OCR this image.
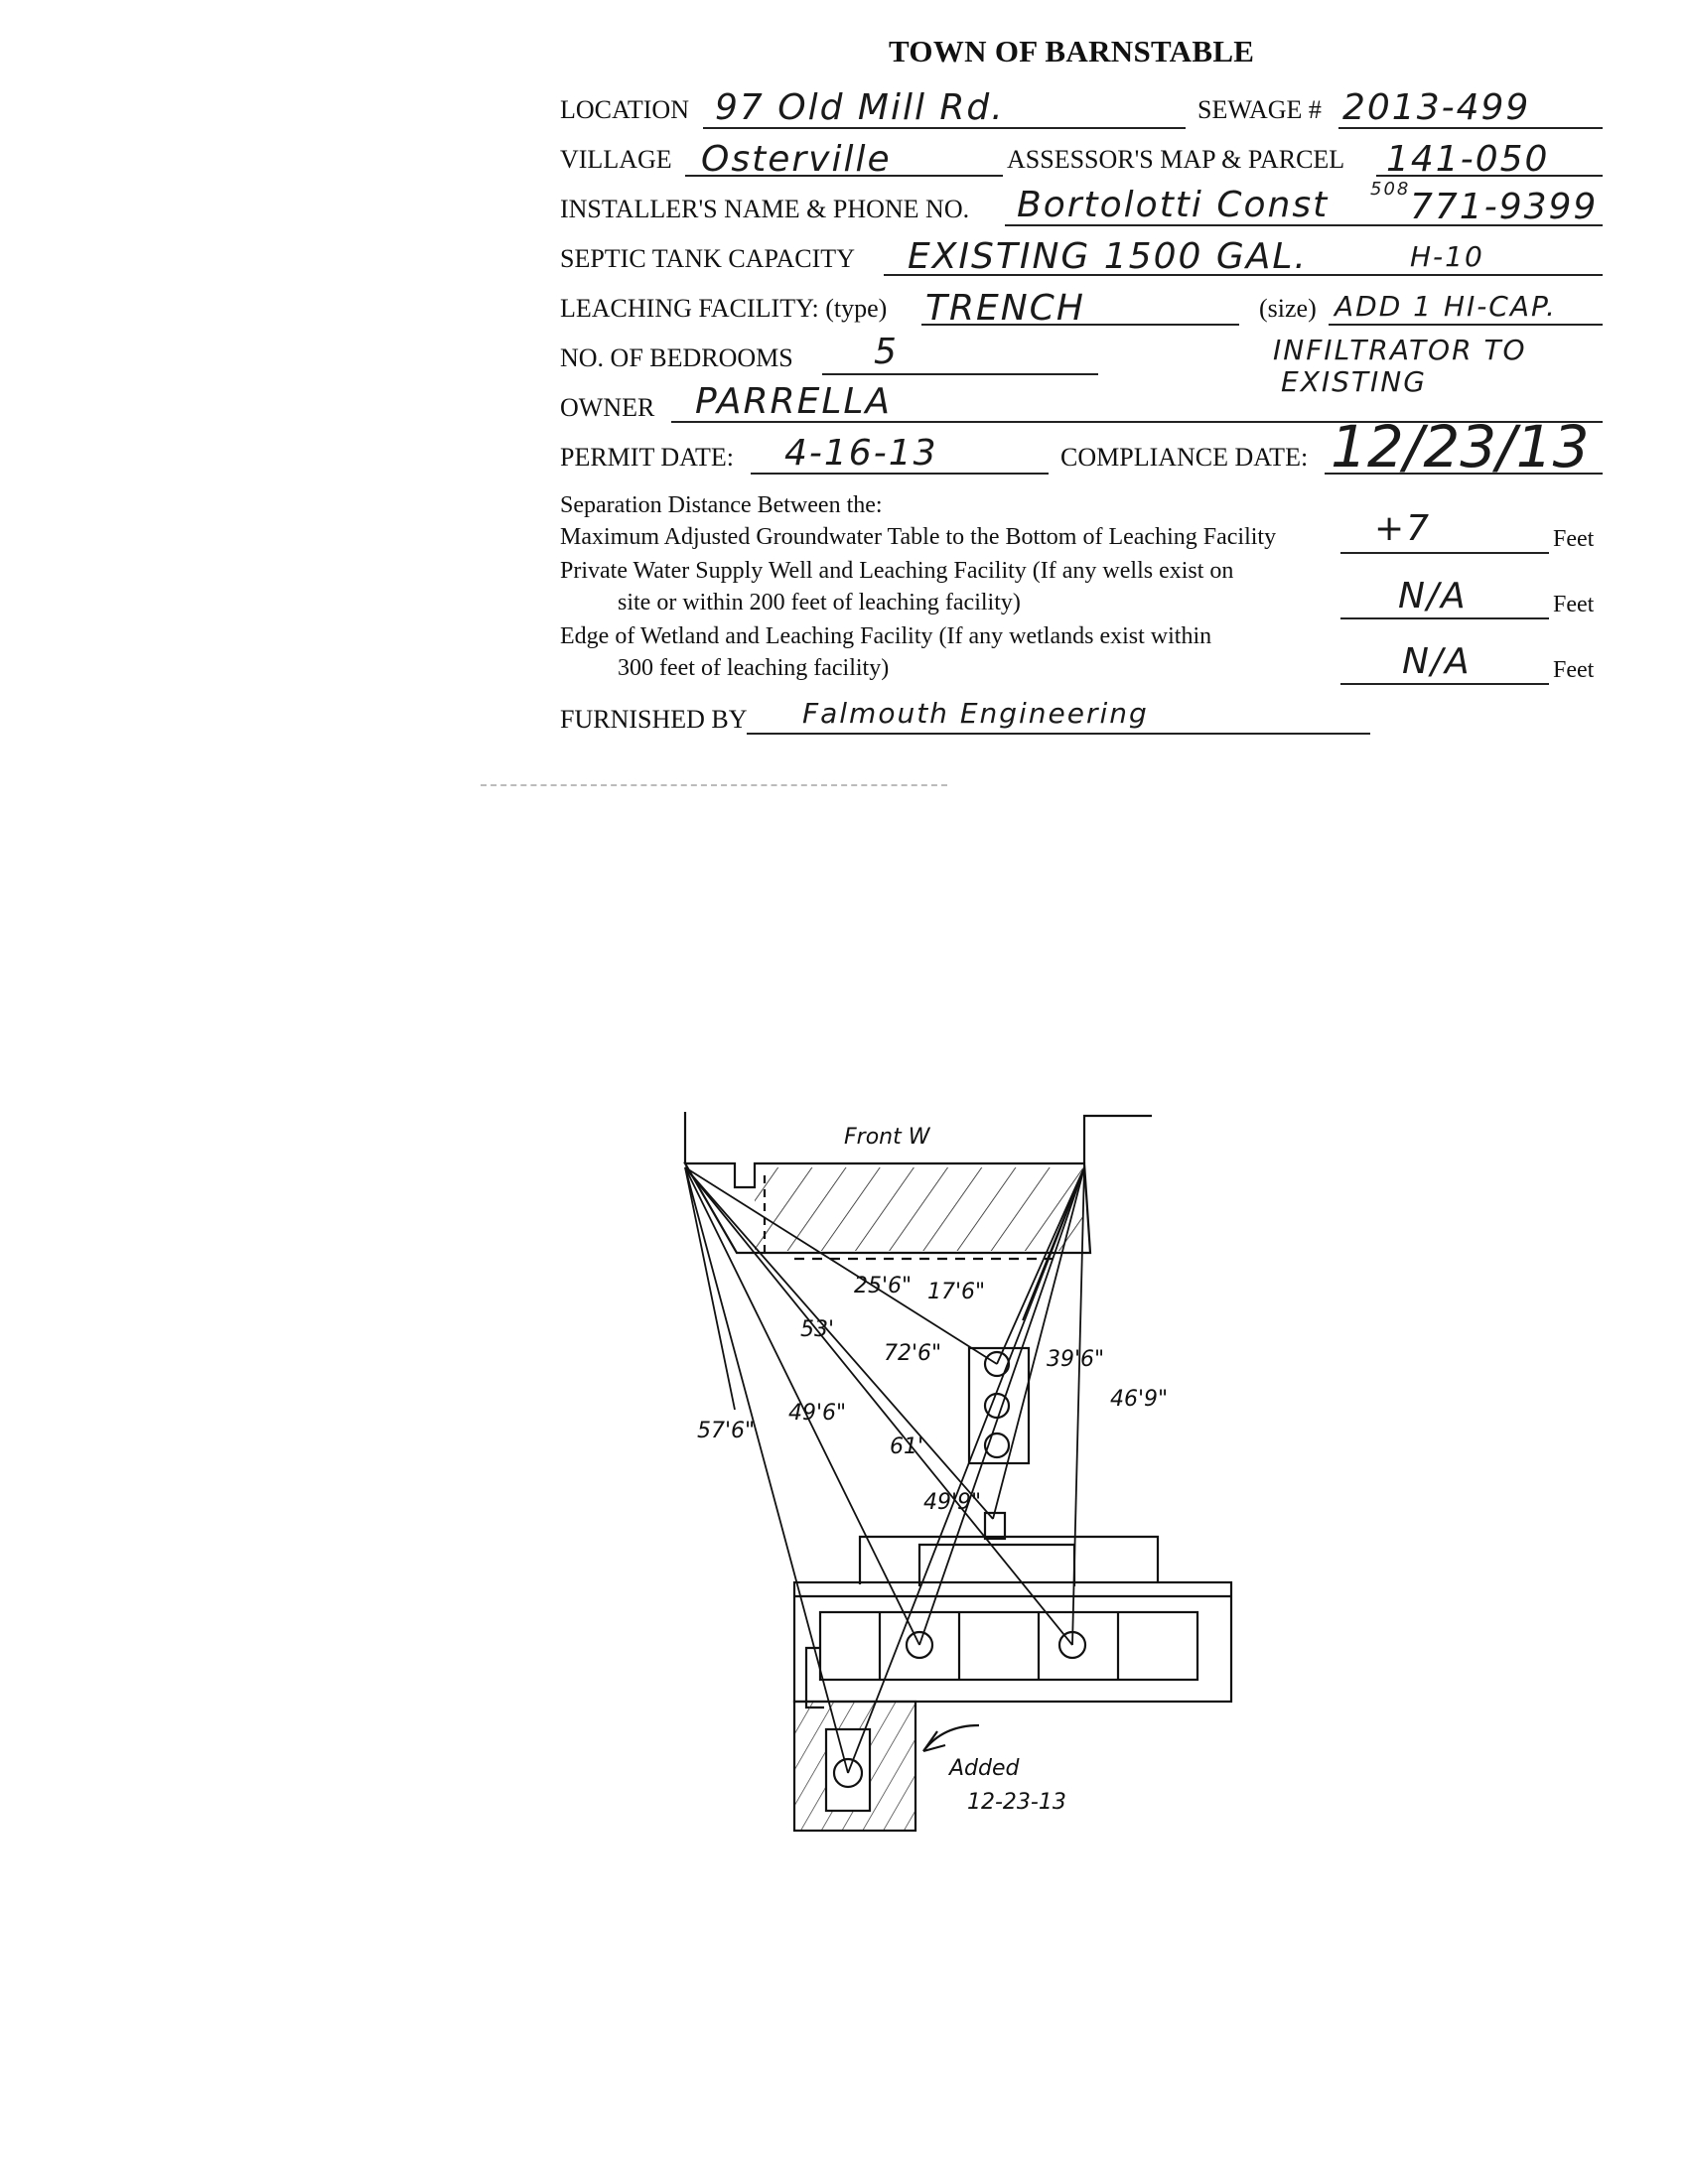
TOWN OF BARNSTABLE
LOCATION 97 Old Mill Rd.	SEWAGE # 2013-499
VILLAGE Osterville	ASSESSOR'S MAP & PARCEL 141-050
INSTALLER'S NAME & PHONE NO. Bortolotti Const 508 771-9399
SEPTIC TANK CAPACITY EXISTING 1500 GAL.	H-10
LEACHING FACILITY: (type) TRENCH	(size) ADD 1 HI-CAP.
INFILTRATOR TO
EXISTING
NO. OF BEDROOMS 5
OWNER PARRELLA
PERMIT DATE: 4-16-13	COMPLIANCE DATE: 12/23/13
Separation Distance Between the:
Maximum Adjusted Groundwater Table to the Bottom of Leaching Facility	+7	Feet
Private Water Supply Well and Leaching Facility (If any wells exist on
site or within 200 feet of leaching facility)	N/A	Feet
Edge of Wetland and Leaching Facility (If any wetlands exist within
300 feet of leaching facility)	N/A	Feet
FURNISHED BY Falmouth Engineering
Front W
25'6" 17'6"
53'
72'6"	39'6"
46'9"
57'6"
49'6"
61'
49'9"
Added
12-23-13
